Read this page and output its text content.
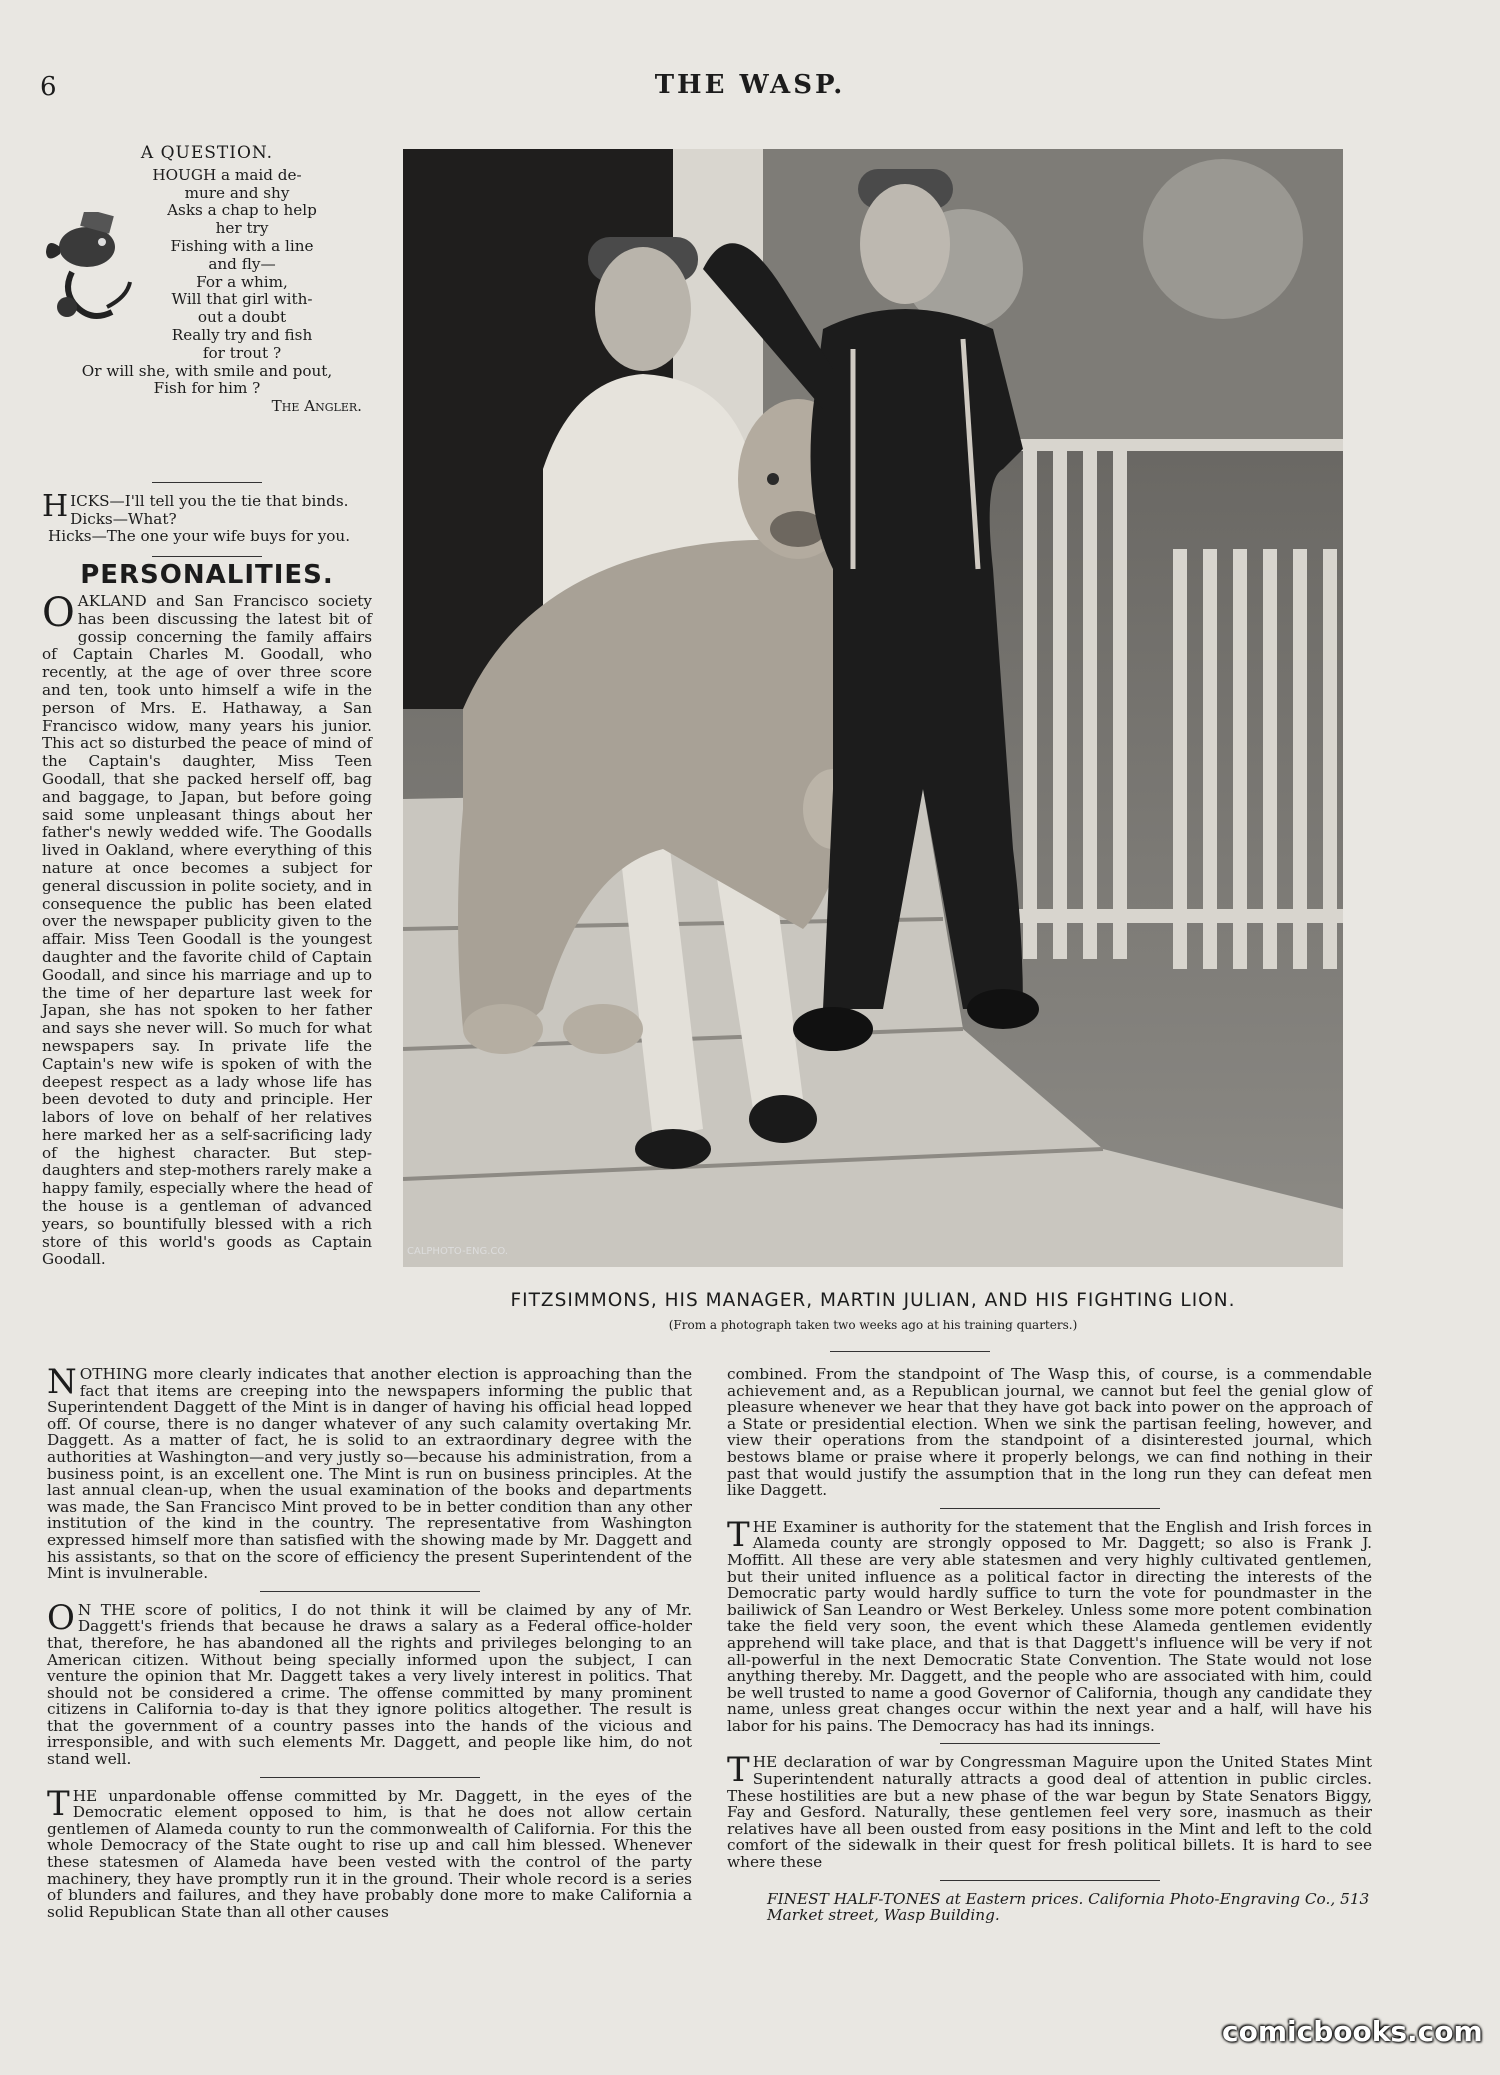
6	THE WASP.
A QUESTION.
HOUGH a maid de-
mure and shy
Asks a chap to help
her try
Fishing with a line
and fly—
For a whim,
Will that girl with-
out a doubt
Really try and fish
for trout ?
Or will she, with smile and pout,
Fish for him ?
The Angler.

HICKS—I'll tell you the tie that binds.

Dicks—What?

Hicks—The one your wife buys for you.

PERSONALITIES.

OAKLAND and San Francisco society has been discussing the latest bit of gossip concerning the family affairs of Captain Charles M. Goodall, who recently, at the age of over three score and ten, took unto himself a wife in the person of Mrs. E. Hathaway, a San Francisco widow, many years his junior. This act so disturbed the peace of mind of the Captain's daughter, Miss Teen Goodall, that she packed herself off, bag and baggage, to Japan, but before going said some unpleasant things about her father's newly wedded wife. The Goodalls lived in Oakland, where everything of this nature at once becomes a subject for general discussion in polite society, and in consequence the public has been elated over the newspaper publicity given to the affair. Miss Teen Goodall is the youngest daughter and the favorite child of Captain Goodall, and since his marriage and up to the time of her departure last week for Japan, she has not spoken to her father and says she never will. So much for what newspapers say. In private life the Captain's new wife is spoken of with the deepest respect as a lady whose life has been devoted to duty and principle. Her labors of love on behalf of her relatives here marked her as a self-sacrificing lady of the highest character. But step-daughters and step-mothers rarely make a happy family, especially where the head of the house is a gentleman of advanced years, so bountifully blessed with a rich store of this world's goods as Captain Goodall.	CALPHOTO-ENG.CO.
FITZSIMMONS, HIS MANAGER, MARTIN JULIAN, AND HIS FIGHTING LION.
(From a photograph taken two weeks ago at his training quarters.)

NOTHING more clearly indicates that another election is approaching than the fact that items are creeping into the newspapers informing the public that Superintendent Daggett of the Mint is in danger of having his official head lopped off. Of course, there is no danger whatever of any such calamity overtaking Mr. Daggett. As a matter of fact, he is solid to an extraordinary degree with the authorities at Washington—and very justly so—because his administration, from a business point, is an excellent one. The Mint is run on business principles. At the last annual clean-up, when the usual examination of the books and departments was made, the San Francisco Mint proved to be in better condition than any other institution of the kind in the country. The representative from Washington expressed himself more than satisfied with the showing made by Mr. Daggett and his assistants, so that on the score of efficiency the present Superintendent of the Mint is invulnerable.

ON THE score of politics, I do not think it will be claimed by any of Mr. Daggett's friends that because he draws a salary as a Federal office-holder that, therefore, he has abandoned all the rights and privileges belonging to an American citizen. Without being specially informed upon the subject, I can venture the opinion that Mr. Daggett takes a very lively interest in politics. That should not be considered a crime. The offense committed by many prominent citizens in California to-day is that they ignore politics altogether. The result is that the government of a country passes into the hands of the vicious and irresponsible, and with such elements Mr. Daggett, and people like him, do not stand well.

THE unpardonable offense committed by Mr. Daggett, in the eyes of the Democratic element opposed to him, is that he does not allow certain gentlemen of Alameda county to run the commonwealth of California. For this the whole Democracy of the State ought to rise up and call him blessed. Whenever these statesmen of Alameda have been vested with the control of the party machinery, they have promptly run it in the ground. Their whole record is a series of blunders and failures, and they have probably done more to make California a solid Republican State than all other causes

combined. From the standpoint of The Wasp this, of course, is a commendable achievement and, as a Republican journal, we cannot but feel the genial glow of pleasure whenever we hear that they have got back into power on the approach of a State or presidential election. When we sink the partisan feeling, however, and view their operations from the standpoint of a disinterested journal, which bestows blame or praise where it properly belongs, we can find nothing in their past that would justify the assumption that in the long run they can defeat men like Daggett.

THE Examiner is authority for the statement that the English and Irish forces in Alameda county are strongly opposed to Mr. Daggett; so also is Frank J. Moffitt. All these are very able statesmen and very highly cultivated gentlemen, but their united influence as a political factor in directing the interests of the Democratic party would hardly suffice to turn the vote for poundmaster in the bailiwick of San Leandro or West Berkeley. Unless some more potent combination take the field very soon, the event which these Alameda gentlemen evidently apprehend will take place, and that is that Daggett's influence will be very if not all-powerful in the next Democratic State Convention. The State would not lose anything thereby. Mr. Daggett, and the people who are associated with him, could be well trusted to name a good Governor of California, though any candidate they name, unless great changes occur within the next year and a half, will have his labor for his pains. The Democracy has had its innings.

THE declaration of war by Congressman Maguire upon the United States Mint Superintendent naturally attracts a good deal of attention in public circles. These hostilities are but a new phase of the war begun by State Senators Biggy, Fay and Gesford. Naturally, these gentlemen feel very sore, inasmuch as their relatives have all been ousted from easy positions in the Mint and left to the cold comfort of the sidewalk in their quest for fresh political billets. It is hard to see where these

FINEST HALF-TONES at Eastern prices. California Photo-Engraving Co., 513 Market street, Wasp Building.

comicbooks.com
